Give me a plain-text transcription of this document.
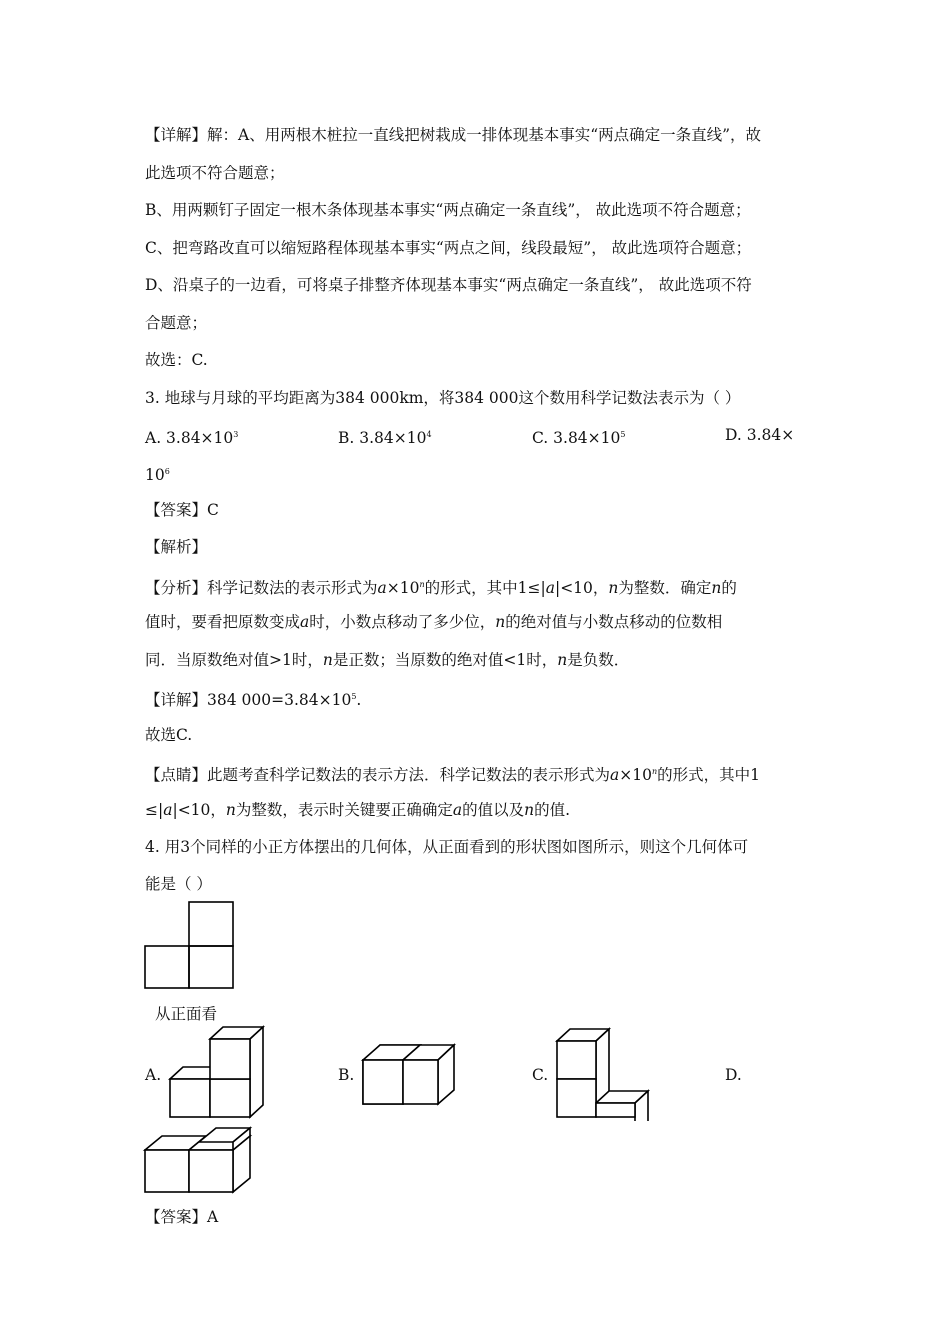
【详解】解：A、用两根木桩拉一直线把树栽成一排体现基本事实“两点确定一条直线”，故
此选项不符合题意；
B、用两颗钉子固定一根木条体现基本事实“两点确定一条直线”， 故此选项不符合题意；
C、把弯路改直可以缩短路程体现基本事实“两点之间，线段最短”， 故此选项符合题意；
D、沿桌子的一边看，可将桌子排整齐体现基本事实“两点确定一条直线”， 故此选项不符
合题意；
故选：C.
3. 地球与月球的平均距离为384 000km，将384 000这个数用科学记数法表示为（ ）
A. $3.84\times 10^3$	B. $3.84\times 10^4$	C. $3.84\times 10^5$	D. 3.84×
$10^6$
【答案】C
【解析】
【分析】科学记数法的表示形式为$a\times 10^n$的形式，其中1≤|a|<10，n为整数．确定n的
值时，要看把原数变成a时，小数点移动了多少位，n的绝对值与小数点移动的位数相
同．当原数绝对值>1时，n是正数；当原数的绝对值<1时，n是负数．
【详解】384 $000=3.84\times 10^5$.
故选C.
【点睛】此题考查科学记数法的表示方法．科学记数法的表示形式为$a\times 10^n$的形式，其中1
≤|a|<10，n为整数，表示时关键要正确确定a的值以及n的值.
4. 用3个同样的小正方体摆出的几何体，从正面看到的形状图如图所示，则这个几何体可
能是（ ）
从正面看
A.	B.	C.	D.
【答案】A
